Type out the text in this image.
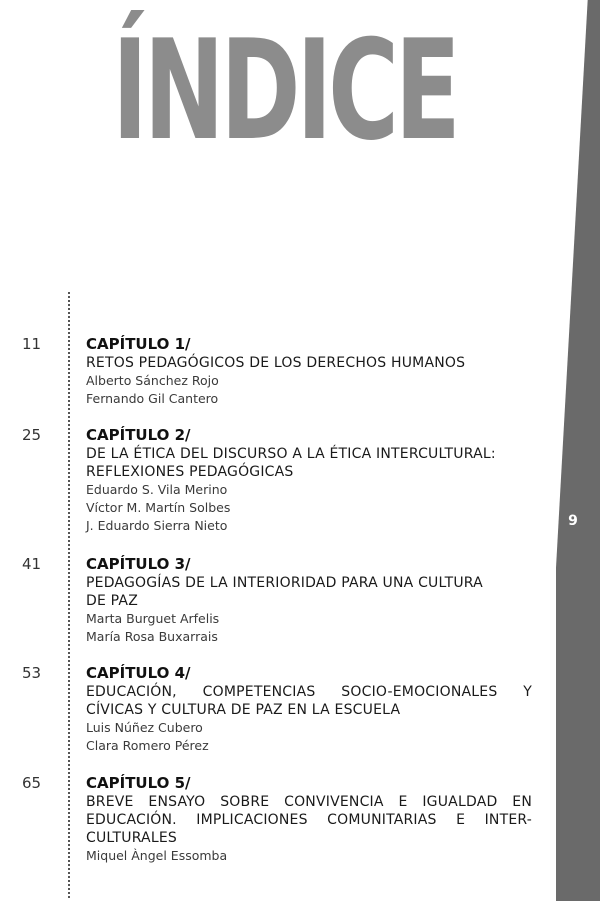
ÍNDICE
9
11	CAPÍTULO 1/
RETOS PEDAGÓGICOS DE LOS DERECHOS HUMANOS
Alberto Sánchez Rojo
Fernando Gil Cantero
25	CAPÍTULO 2/
DE LA ÉTICA DEL DISCURSO A LA ÉTICA INTERCULTURAL:
REFLEXIONES PEDAGÓGICAS
Eduardo S. Vila Merino
Víctor M. Martín Solbes
J. Eduardo Sierra Nieto
41	CAPÍTULO 3/
PEDAGOGÍAS DE LA INTERIORIDAD PARA UNA CULTURA
DE PAZ
Marta Burguet Arfelis
María Rosa Buxarrais
53	CAPÍTULO 4/
EDUCACIÓN, COMPETENCIAS SOCIO-EMOCIONALES Y
CÍVICAS Y CULTURA DE PAZ EN LA ESCUELA
Luis Núñez Cubero
Clara Romero Pérez
65	CAPÍTULO 5/
BREVE ENSAYO SOBRE CONVIVENCIA E IGUALDAD EN
EDUCACIÓN. IMPLICACIONES COMUNITARIAS E INTER-
CULTURALES
Miquel Àngel Essomba
